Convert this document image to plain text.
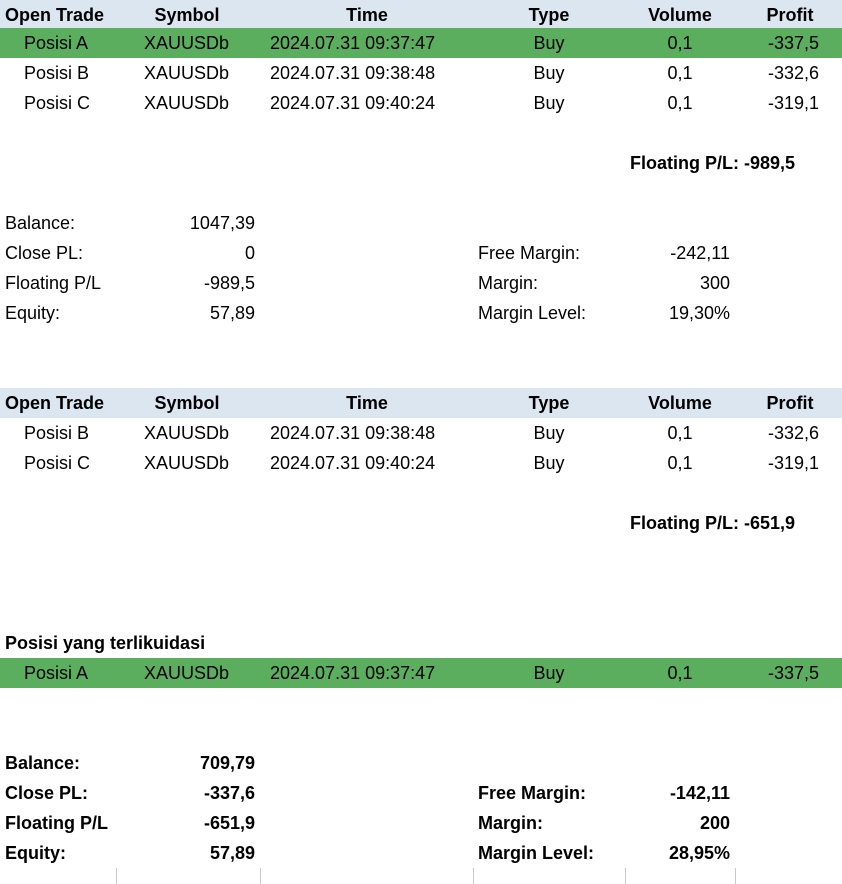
Open Trade	Symbol	Time	Type	Volume	Profit
Posisi A	XAUUSDb 2024.07.31 09:37:47	Buy	0,1	-337,5
Posisi B	XAUUSDb 2024.07.31 09:38:48	Buy	0,1	-332,6
Posisi C	XAUUSDb 2024.07.31 09:40:24	Buy	0,1	-319,1
Floating P/L: -989,5
Balance:	1047,39
Close PL:	0	Free Margin:	-242,11
Floating P/L	-989,5	Margin:	300
Equity:	57,89	Margin Level:	19,30%
Open Trade	Symbol	Time	Type	Volume	Profit
Posisi B	XAUUSDb 2024.07.31 09:38:48	Buy	0,1	-332,6
Posisi C	XAUUSDb 2024.07.31 09:40:24	Buy	0,1	-319,1
Floating P/L: -651,9
Posisi yang terlikuidasi
Posisi A	XAUUSDb 2024.07.31 09:37:47	Buy	0,1	-337,5
Balance:	709,79
Close PL:	-337,6	Free Margin:	-142,11
Floating P/L	-651,9	Margin:	200
Equity:	57,89	Margin Level:	28,95%
